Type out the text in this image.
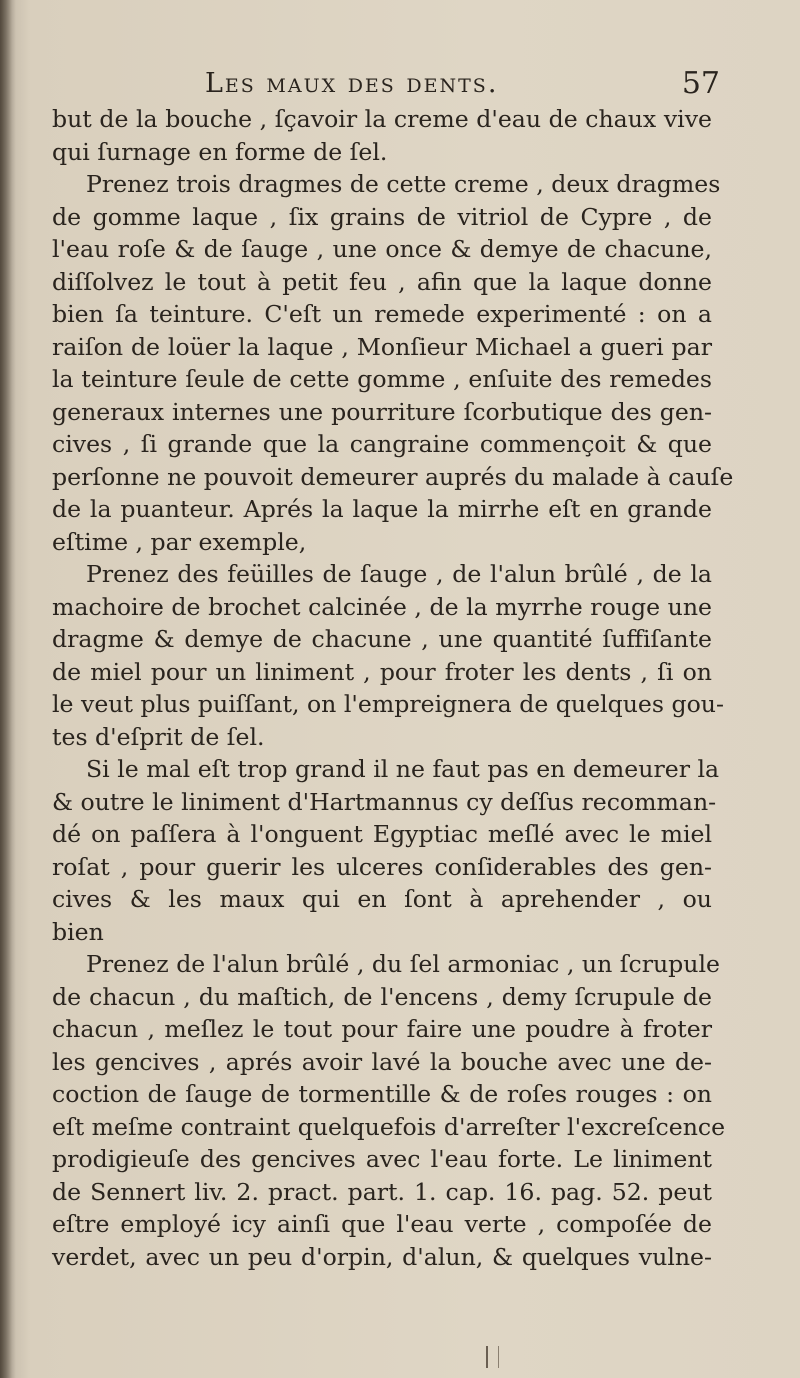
Les maux des dents.	57
but de la bouche , ſçavoir la creme d'eau de chaux vive
qui ſurnage en forme de ſel.
Prenez trois dragmes de cette creme , deux dragmes
de gomme laque , ſix grains de vitriol de Cypre , de
l'eau roſe & de ſauge , une once & demye de chacune,
diſſolvez le tout à petit feu , afin que la laque donne
bien ſa teinture. C'eſt un remede experimenté : on a
raiſon de loüer la laque , Monſieur Michael a gueri par
la teinture ſeule de cette gomme , enſuite des remedes
generaux internes une pourriture ſcorbutique des gen-
cives , ſi grande que la cangraine commençoit & que
perſonne ne pouvoit demeurer auprés du malade à cauſe
de la puanteur. Aprés la laque la mirrhe eſt en grande
eſtime , par exemple,
Prenez des feüilles de ſauge , de l'alun brûlé , de la
machoire de brochet calcinée , de la myrrhe rouge une
dragme & demye de chacune , une quantité ſuffiſante
de miel pour un liniment , pour froter les dents , ſi on
le veut plus puiſſant, on l'empreignera de quelques gou-
tes d'eſprit de ſel.
Si le mal eſt trop grand il ne faut pas en demeurer la
& outre le liniment d'Hartmannus cy deſſus recomman-
dé on paſſera à l'onguent Egyptiac meſlé avec le miel
roſat , pour guerir les ulceres conſiderables des gen-
cives & les maux qui en ſont à aprehender , ou
bien
Prenez de l'alun brûlé , du ſel armoniac , un ſcrupule
de chacun , du maſtich, de l'encens , demy ſcrupule de
chacun , meſlez le tout pour faire une poudre à froter
les gencives , aprés avoir lavé la bouche avec une de-
coction de ſauge de tormentille & de roſes rouges : on
eſt meſme contraint quelquefois d'arreſter l'excreſcence
prodigieuſe des gencives avec l'eau forte. Le liniment
de Sennert liv. 2. pract. part. 1. cap. 16. pag. 52. peut
eſtre employé icy ainſi que l'eau verte , compoſée de
verdet, avec un peu d'orpin, d'alun, & quelques vulne-
